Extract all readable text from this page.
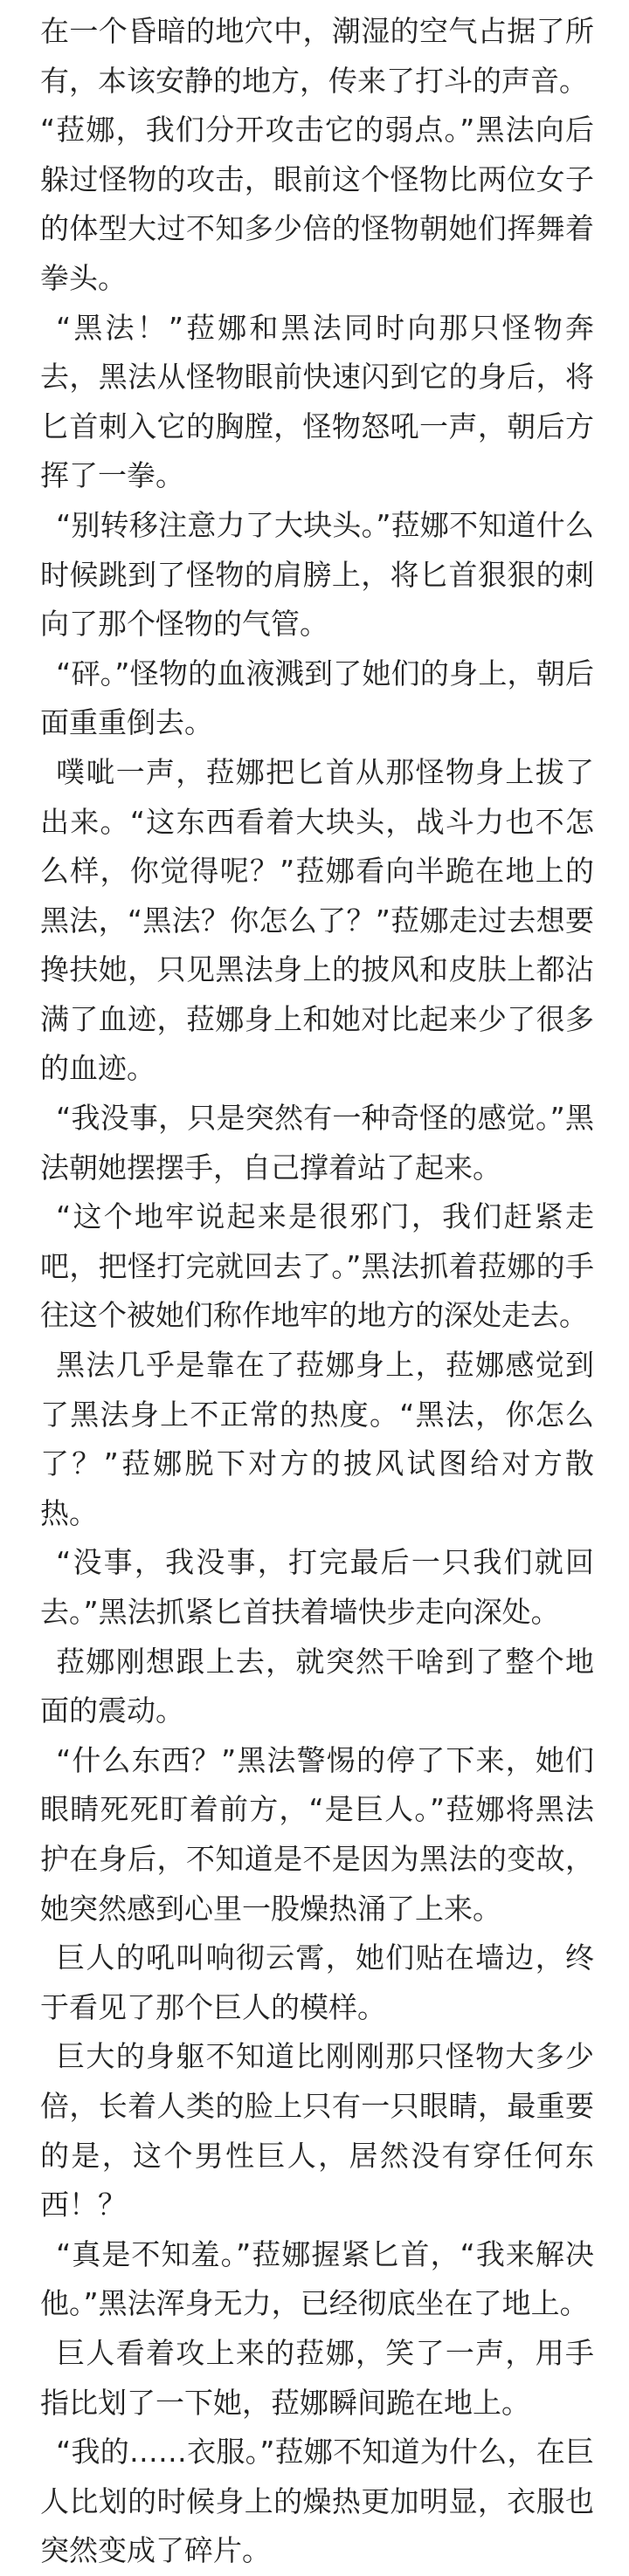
在一个昏暗的地穴中，潮湿的空气占据了所有，本该安静的地方，传来了打斗的声音。

“菈娜，我们分开攻击它的弱点。”黑法向后躲过怪物的攻击，眼前这个怪物比两位女子的体型大过不知多少倍的怪物朝她们挥舞着拳头。

“黑法！”菈娜和黑法同时向那只怪物奔去，黑法从怪物眼前快速闪到它的身后，将匕首刺入它的胸膛，怪物怒吼一声，朝后方挥了一拳。

“别转移注意力了大块头。”菈娜不知道什么时候跳到了怪物的肩膀上，将匕首狠狠的刺向了那个怪物的气管。

“砰。”怪物的血液溅到了她们的身上，朝后面重重倒去。

噗呲一声，菈娜把匕首从那怪物身上拔了出来。“这东西看着大块头，战斗力也不怎么样，你觉得呢？”菈娜看向半跪在地上的黑法，“黑法？你怎么了？”菈娜走过去想要搀扶她，只见黑法身上的披风和皮肤上都沾满了血迹，菈娜身上和她对比起来少了很多的血迹。

“我没事，只是突然有一种奇怪的感觉。”黑法朝她摆摆手，自己撑着站了起来。

“这个地牢说起来是很邪门，我们赶紧走吧，把怪打完就回去了。”黑法抓着菈娜的手往这个被她们称作地牢的地方的深处走去。

黑法几乎是靠在了菈娜身上，菈娜感觉到了黑法身上不正常的热度。“黑法，你怎么了？”菈娜脱下对方的披风试图给对方散热。

“没事，我没事，打完最后一只我们就回去。”黑法抓紧匕首扶着墙快步走向深处。

菈娜刚想跟上去，就突然干啥到了整个地面的震动。

“什么东西？”黑法警惕的停了下来，她们眼睛死死盯着前方，“是巨人。”菈娜将黑法护在身后，不知道是不是因为黑法的变故，她突然感到心里一股燥热涌了上来。

巨人的吼叫响彻云霄，她们贴在墙边，终于看见了那个巨人的模样。

巨大的身躯不知道比刚刚那只怪物大多少倍，长着人类的脸上只有一只眼睛，最重要的是，这个男性巨人，居然没有穿任何东西！？

“真是不知羞。”菈娜握紧匕首，“我来解决他。”黑法浑身无力，已经彻底坐在了地上。

巨人看着攻上来的菈娜，笑了一声，用手指比划了一下她，菈娜瞬间跪在地上。

“我的……衣服。”菈娜不知道为什么，在巨人比划的时候身上的燥热更加明显，衣服也突然变成了碎片。
